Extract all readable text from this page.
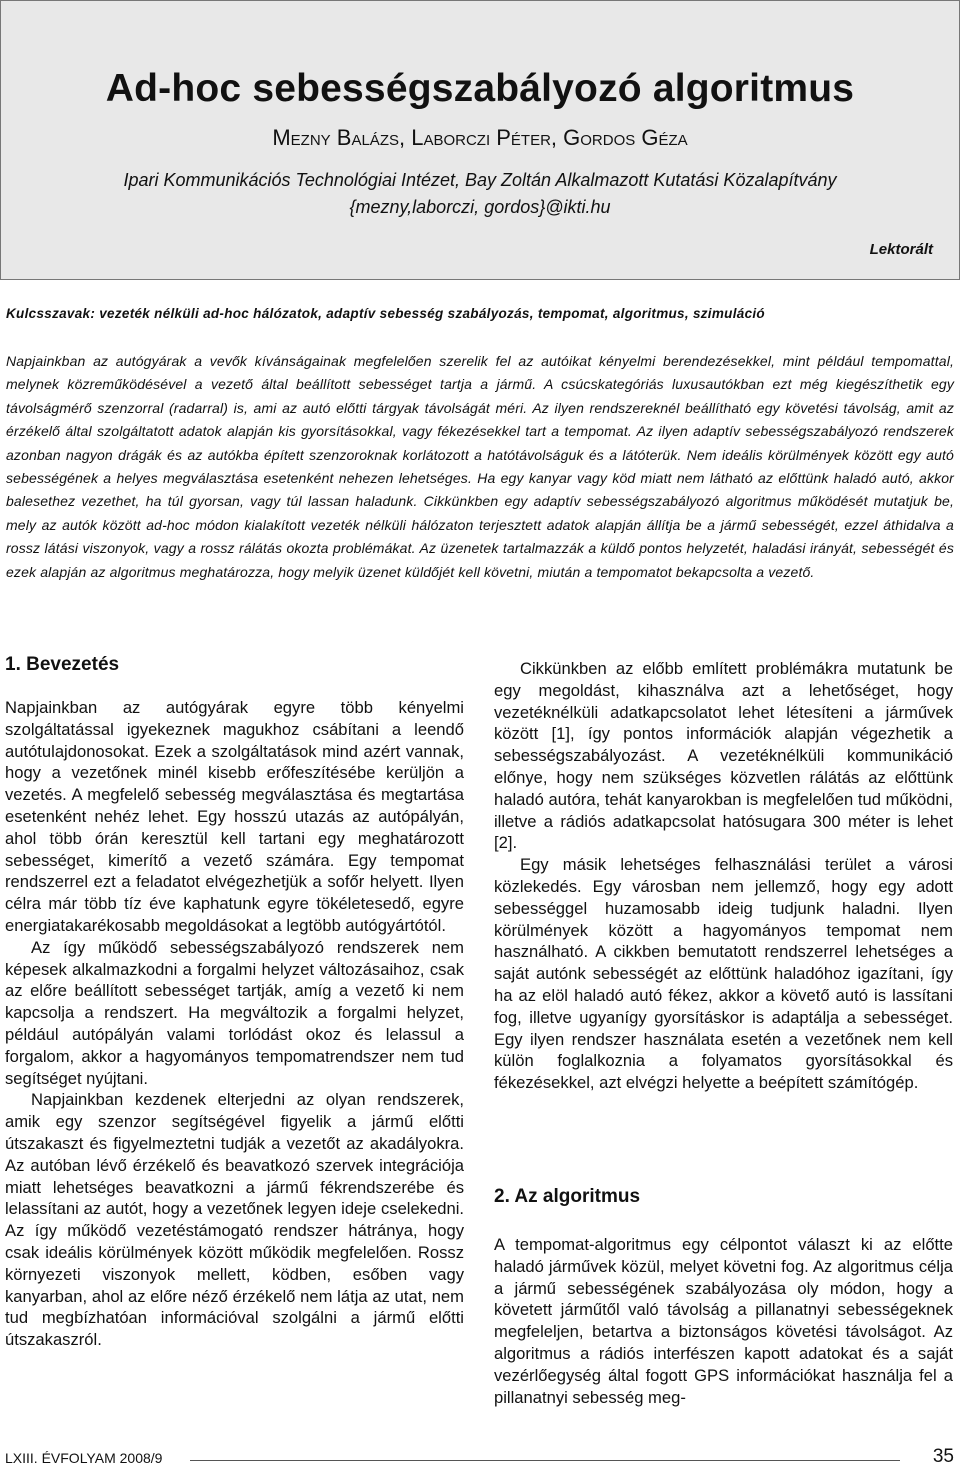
Ad-hoc sebességszabályozó algoritmus
Mezny Balázs, Laborczi Péter, Gordos Géza
Ipari Kommunikációs Technológiai Intézet, Bay Zoltán Alkalmazott Kutatási Közalapítvány
{mezny,laborczi, gordos}@ikti.hu
Lektorált
Kulcsszavak: vezeték nélküli ad-hoc hálózatok, adaptív sebesség szabályozás, tempomat, algoritmus, szimuláció
Napjainkban az autógyárak a vevők kívánságainak megfelelően szerelik fel az autóikat kényelmi berendezésekkel, mint például tempomattal, melynek közreműködésével a vezető által beállított sebességet tartja a jármű. A csúcskategóriás luxusautókban ezt még kiegészíthetik egy távolságmérő szenzorral (radarral) is, ami az autó előtti tárgyak távolságát méri. Az ilyen rendszereknél beállítható egy követési távolság, amit az érzékelő által szolgáltatott adatok alapján kis gyorsításokkal, vagy fékezésekkel tart a tempomat. Az ilyen adaptív sebességszabályozó rendszerek azonban nagyon drágák és az autókba épített szenzoroknak korlátozott a hatótávolságuk és a látóterük. Nem ideális körülmények között egy autó sebességének a helyes megválasztása esetenként nehezen lehetséges. Ha egy kanyar vagy köd miatt nem látható az előttünk haladó autó, akkor balesethez vezethet, ha túl gyorsan, vagy túl lassan haladunk. Cikkünkben egy adaptív sebességszabályozó algoritmus működését mutatjuk be, mely az autók között ad-hoc módon kialakított vezeték nélküli hálózaton terjesztett adatok alapján állítja be a jármű sebességét, ezzel áthidalva a rossz látási viszonyok, vagy a rossz rálátás okozta problémákat. Az üzenetek tartalmazzák a küldő pontos helyzetét, haladási irányát, sebességét és ezek alapján az algoritmus meghatározza, hogy melyik üzenet küldőjét kell követni, miután a tempomatot bekapcsolta a vezető.
1. Bevezetés

Napjainkban az autógyárak egyre több kényelmi szolgáltatással igyekeznek magukhoz csábítani a leendő autótulajdonosokat. Ezek a szolgáltatások mind azért vannak, hogy a vezetőnek minél kisebb erőfeszítésébe kerüljön a vezetés. A megfelelő sebesség megválasztása és megtartása esetenként nehéz lehet. Egy hosszú utazás az autópályán, ahol több órán keresztül kell tartani egy meghatározott sebességet, kimerítő a vezető számára. Egy tempomat rendszerrel ezt a feladatot elvégezhetjük a sofőr helyett. Ilyen célra már több tíz éve kaphatunk egyre tökéletesedő, egyre energiatakarékosabb megoldásokat a legtöbb autógyártótól.

Az így működő sebességszabályozó rendszerek nem képesek alkalmazkodni a forgalmi helyzet változásaihoz, csak az előre beállított sebességet tartják, amíg a vezető ki nem kapcsolja a rendszert. Ha megváltozik a forgalmi helyzet, például autópályán valami torlódást okoz és lelassul a forgalom, akkor a hagyományos tempomatrendszer nem tud segítséget nyújtani.

Napjainkban kezdenek elterjedni az olyan rendszerek, amik egy szenzor segítségével figyelik a jármű előtti útszakaszt és figyelmeztetni tudják a vezetőt az akadályokra. Az autóban lévő érzékelő és beavatkozó szervek integrációja miatt lehetséges beavatkozni a jármű fékrendszerébe és lelassítani az autót, hogy a vezetőnek legyen ideje cselekedni. Az így működő vezetéstámogató rendszer hátránya, hogy csak ideális körülmények között működik megfelelően. Rossz környezeti viszonyok mellett, ködben, esőben vagy kanyarban, ahol az előre néző érzékelő nem látja az utat, nem tud megbízhatóan információval szolgálni a jármű előtti útszakaszról.

Cikkünkben az előbb említett problémákra mutatunk be egy megoldást, kihasználva azt a lehetőséget, hogy vezetéknélküli adatkapcsolatot lehet létesíteni a járművek között [1], így pontos információk alapján végezhetik a sebességszabályozást. A vezetéknélküli kommunikáció előnye, hogy nem szükséges közvetlen rálátás az előttünk haladó autóra, tehát kanyarokban is megfelelően tud működni, illetve a rádiós adatkapcsolat hatósugara 300 méter is lehet [2].

Egy másik lehetséges felhasználási terület a városi közlekedés. Egy városban nem jellemző, hogy egy adott sebességgel huzamosabb ideig tudjunk haladni. Ilyen körülmények között a hagyományos tempomat nem használható. A cikkben bemutatott rendszerrel lehetséges a saját autónk sebességét az előttünk haladóhoz igazítani, így ha az elöl haladó autó fékez, akkor a követő autó is lassítani fog, illetve ugyanígy gyorsításkor is adaptálja a sebességet. Egy ilyen rendszer használata esetén a vezetőnek nem kell külön foglalkoznia a folyamatos gyorsításokkal és fékezésekkel, azt elvégzi helyette a beépített számítógép.

2. Az algoritmus

A tempomat-algoritmus egy célpontot választ ki az előtte haladó járművek közül, melyet követni fog. Az algoritmus célja a jármű sebességének szabályozása oly módon, hogy a követett járműtől való távolság a pillanatnyi sebességeknek megfeleljen, betartva a biztonságos követési távolságot. Az algoritmus a rádiós interfészen kapott adatokat és a saját vezérlőegység által fogott GPS információkat használja fel a pillanatnyi sebesség meg-

LXIII. ÉVFOLYAM 2008/9	35
